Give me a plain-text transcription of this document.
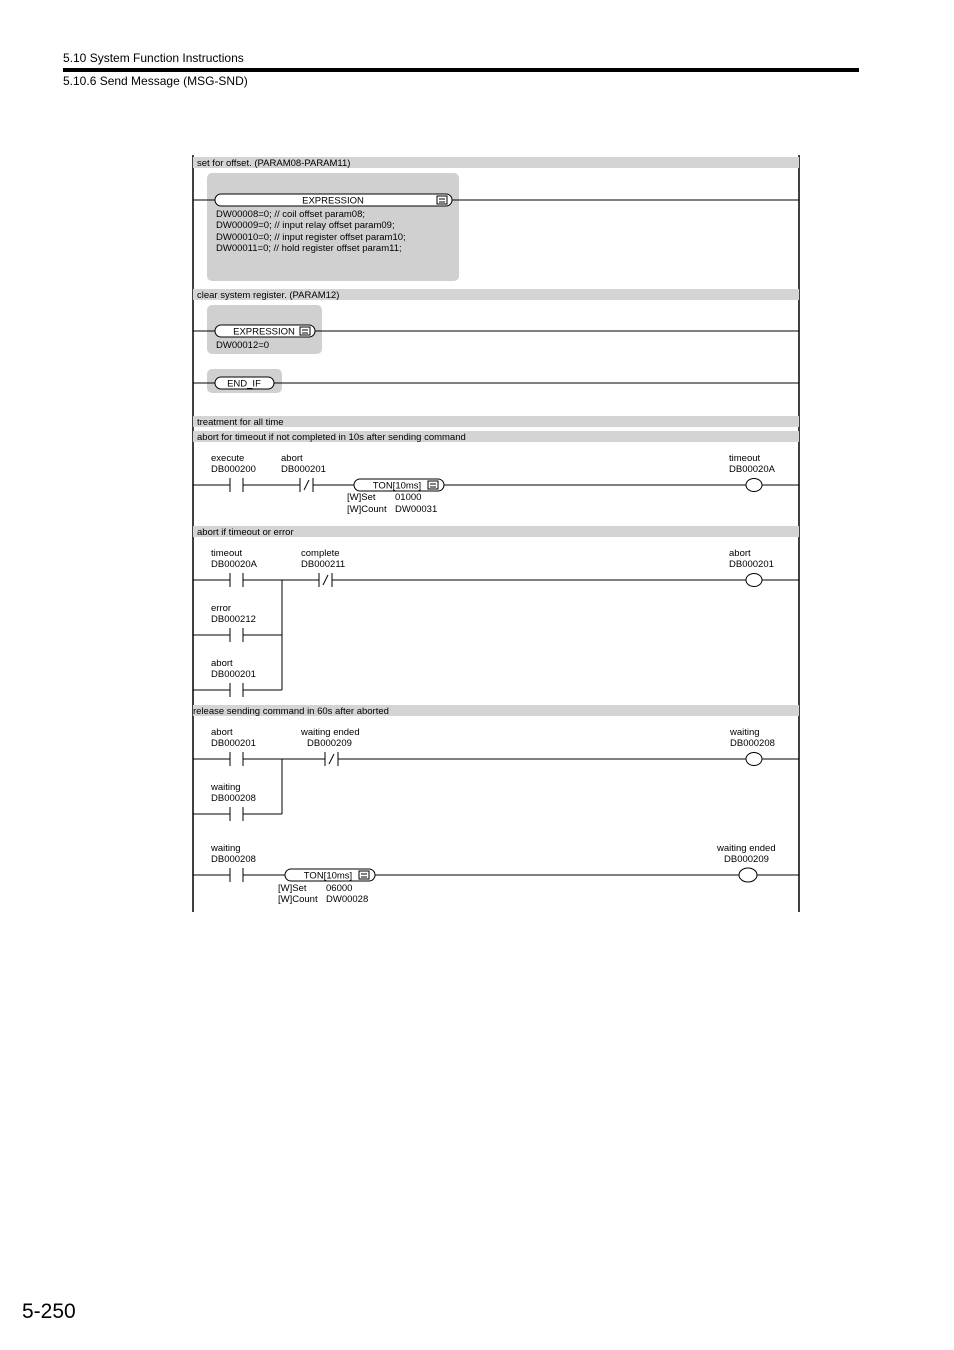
5.10 System Function Instructions
5.10.6 Send Message (MSG-SND)
set for offset. (PARAM08-PARAM11)
EXPRESSION
DW00008=0; // coil offset param08;
DW00009=0; // input relay offset param09;
DW00010=0; // input register offset param10;
DW00011=0; // hold register offset param11;
clear system register. (PARAM12)
EXPRESSION
DW00012=0
END_IF
treatment for all time
abort for timeout if not completed in 10s after sending command
execute
DB000200
abort
DB000201
timeout
DB00020A
TON[10ms]
[W]Set 01000
[W]Count DW00031
abort if timeout or error
timeout
DB00020A
complete
DB000211
abort
DB000201
error
DB000212
abort
DB000201
release sending command in 60s after aborted
abort
DB000201
waiting ended
DB000209
waiting
DB000208
waiting
DB000208
waiting
DB000208
waiting ended
DB000209
TON[10ms]
[W]Set 06000
[W]Count DW00028
5-250
